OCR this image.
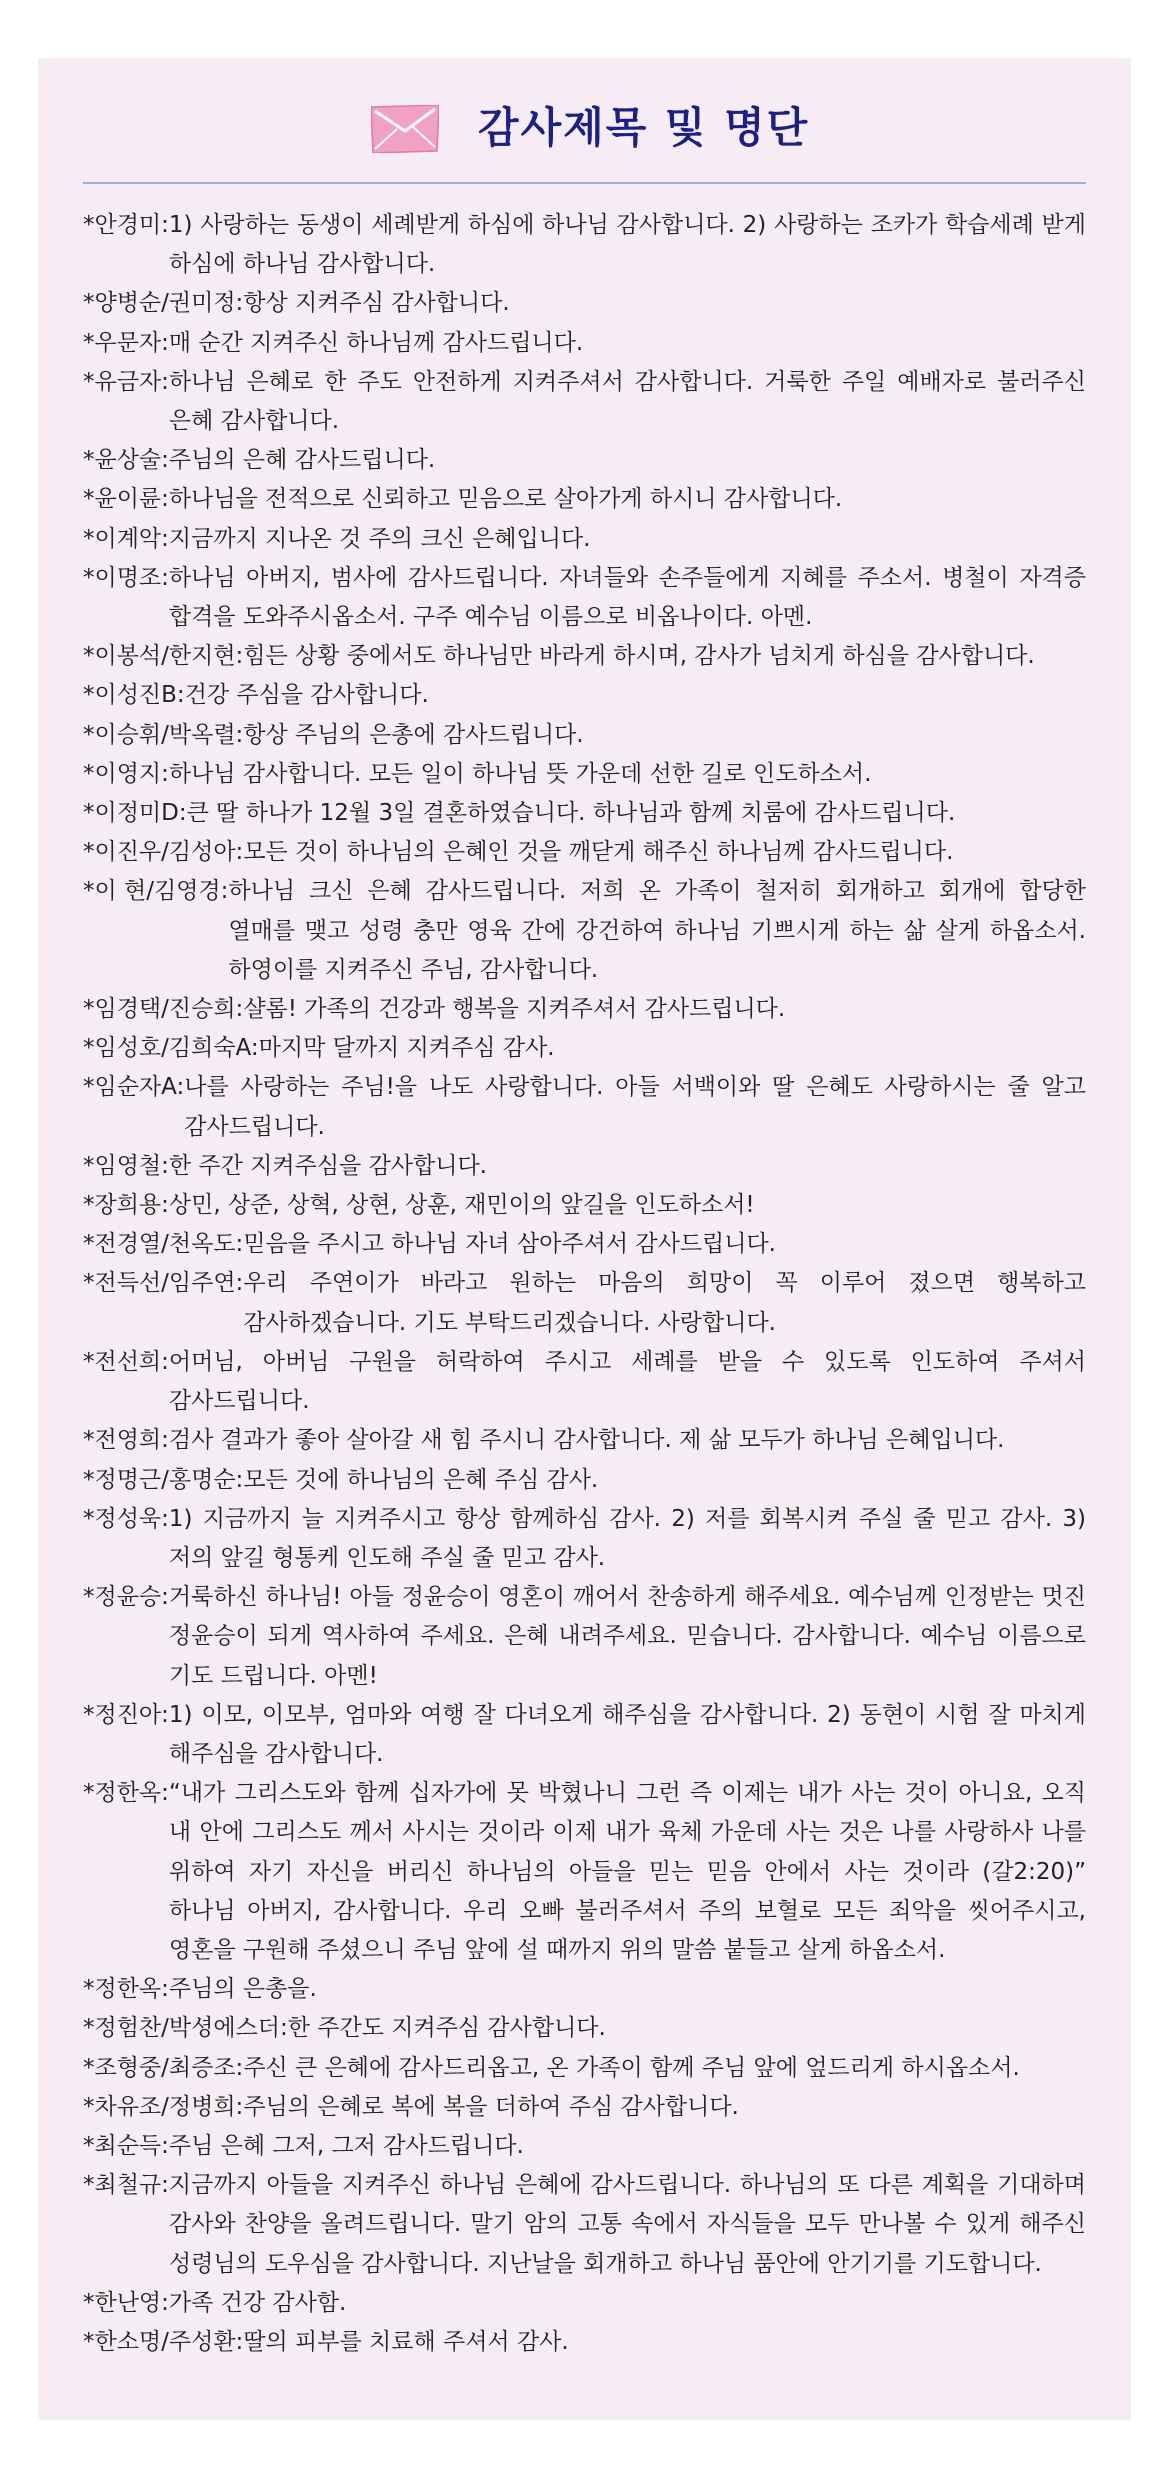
감사제목 및 명단
*안경미: 1) 사랑하는 동생이 세례받게 하심에 하나님 감사합니다. 2) 사랑하는 조카가 학습세례 받게 하심에 하나님 감사합니다.
*양병순/권미정: 항상 지켜주심 감사합니다.
*우문자: 매 순간 지켜주신 하나님께 감사드립니다.
*유금자: 하나님 은혜로 한 주도 안전하게 지켜주셔서 감사합니다. 거룩한 주일 예배자로 불러주신 은혜 감사합니다.
*윤상술: 주님의 은혜 감사드립니다.
*윤이륜: 하나님을 전적으로 신뢰하고 믿음으로 살아가게 하시니 감사합니다.
*이계악: 지금까지 지나온 것 주의 크신 은혜입니다.
*이명조: 하나님 아버지, 범사에 감사드립니다. 자녀들와 손주들에게 지혜를 주소서. 병철이 자격증 합격을 도와주시옵소서. 구주 예수님 이름으로 비옵나이다. 아멘.
*이봉석/한지현: 힘든 상황 중에서도 하나님만 바라게 하시며, 감사가 넘치게 하심을 감사합니다.
*이성진B: 건강 주심을 감사합니다.
*이승휘/박옥렬: 항상 주님의 은총에 감사드립니다.
*이영지: 하나님 감사합니다. 모든 일이 하나님 뜻 가운데 선한 길로 인도하소서.
*이정미D: 큰 딸 하나가 12월 3일 결혼하였습니다. 하나님과 함께 치룸에 감사드립니다.
*이진우/김성아: 모든 것이 하나님의 은혜인 것을 깨닫게 해주신 하나님께 감사드립니다.
*이 현/김영경: 하나님 크신 은혜 감사드립니다. 저희 온 가족이 철저히 회개하고 회개에 합당한 열매를 맺고 성령 충만 영육 간에 강건하여 하나님 기쁘시게 하는 삶 살게 하옵소서. 하영이를 지켜주신 주님, 감사합니다.
*임경택/진승희: 샬롬! 가족의 건강과 행복을 지켜주셔서 감사드립니다.
*임성호/김희숙A: 마지막 달까지 지켜주심 감사.
*임순자A: 나를 사랑하는 주님!을 나도 사랑합니다. 아들 서백이와 딸 은혜도 사랑하시는 줄 알고 감사드립니다.
*임영철: 한 주간 지켜주심을 감사합니다.
*장희용: 상민, 상준, 상혁, 상현, 상훈, 재민이의 앞길을 인도하소서!
*전경열/천옥도: 믿음을 주시고 하나님 자녀 삼아주셔서 감사드립니다.
*전득선/임주연: 우리 주연이가 바라고 원하는 마음의 희망이 꼭 이루어 졌으면 행복하고 감사하겠습니다. 기도 부탁드리겠습니다. 사랑합니다.
*전선희: 어머님, 아버님 구원을 허락하여 주시고 세례를 받을 수 있도록 인도하여 주셔서 감사드립니다.
*전영희: 검사 결과가 좋아 살아갈 새 힘 주시니 감사합니다. 제 삶 모두가 하나님 은혜입니다.
*정명근/홍명순: 모든 것에 하나님의 은혜 주심 감사.
*정성욱: 1) 지금까지 늘 지켜주시고 항상 함께하심 감사. 2) 저를 회복시켜 주실 줄 믿고 감사. 3) 저의 앞길 형통케 인도해 주실 줄 믿고 감사.
*정윤승: 거룩하신 하나님! 아들 정윤승이 영혼이 깨어서 찬송하게 해주세요. 예수님께 인정받는 멋진 정윤승이 되게 역사하여 주세요. 은혜 내려주세요. 믿습니다. 감사합니다. 예수님 이름으로 기도 드립니다. 아멘!
*정진아: 1) 이모, 이모부, 엄마와 여행 잘 다녀오게 해주심을 감사합니다. 2) 동현이 시험 잘 마치게 해주심을 감사합니다.
*정한옥: “내가 그리스도와 함께 십자가에 못 박혔나니 그런 즉 이제는 내가 사는 것이 아니요, 오직 내 안에 그리스도 께서 사시는 것이라 이제 내가 육체 가운데 사는 것은 나를 사랑하사 나를 위하여 자기 자신을 버리신 하나님의 아들을 믿는 믿음 안에서 사는 것이라 (갈2:20)” 하나님 아버지, 감사합니다. 우리 오빠 불러주셔서 주의 보혈로 모든 죄악을 씻어주시고, 영혼을 구원해 주셨으니 주님 앞에 설 때까지 위의 말씀 붙들고 살게 하옵소서.
*정한옥: 주님의 은총을.
*정험찬/박셩에스더: 한 주간도 지켜주심 감사합니다.
*조형중/최증조: 주신 큰 은혜에 감사드리옵고, 온 가족이 함께 주님 앞에 엎드리게 하시옵소서.
*차유조/정병희: 주님의 은혜로 복에 복을 더하여 주심 감사합니다.
*최순득: 주님 은혜 그저, 그저 감사드립니다.
*최철규: 지금까지 아들을 지켜주신 하나님 은혜에 감사드립니다. 하나님의 또 다른 계획을 기대하며 감사와 찬양을 올려드립니다. 말기 암의 고통 속에서 자식들을 모두 만나볼 수 있게 해주신 성령님의 도우심을 감사합니다. 지난날을 회개하고 하나님 품안에 안기기를 기도합니다.
*한난영: 가족 건강 감사함.
*한소명/주성환: 딸의 피부를 치료해 주셔서 감사.
